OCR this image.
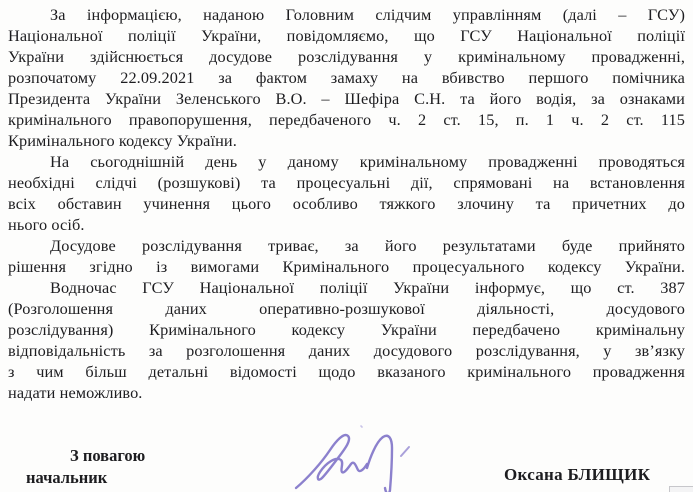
За інформацією, наданою Головним слідчим управлінням (далі – ГСУ)
Національної поліції України, повідомляємо, що ГСУ Національної поліції
України здійснюється досудове розслідування у кримінальному провадженні,
розпочатому 22.09.2021 за фактом замаху на вбивство першого помічника
Президента України Зеленського В.О. – Шефіра С.Н. та його водія, за ознаками
кримінального правопорушення, передбаченого ч. 2 ст. 15, п. 1 ч. 2 ст. 115
Кримінального кодексу України.
На сьогоднішній день у даному кримінальному провадженні проводяться
необхідні слідчі (розшукові) та процесуальні дії, спрямовані на встановлення
всіх обставин учинення цього особливо тяжкого злочину та причетних до
нього осіб.
Досудове розслідування триває, за його результатами буде прийнято
рішення згідно із вимогами Кримінального процесуального кодексу України.
Водночас ГСУ Національної поліції України інформує, що ст. 387
(Розголошення даних оперативно-розшукової діяльності, досудового
розслідування) Кримінального кодексу України передбачено кримінальну
відповідальність за розголошення даних досудового розслідування, у зв’язку
з чим більш детальні відомості щодо вказаного кримінального провадження
надати неможливо.
З повагою
начальник	Оксана БЛИЩИК
